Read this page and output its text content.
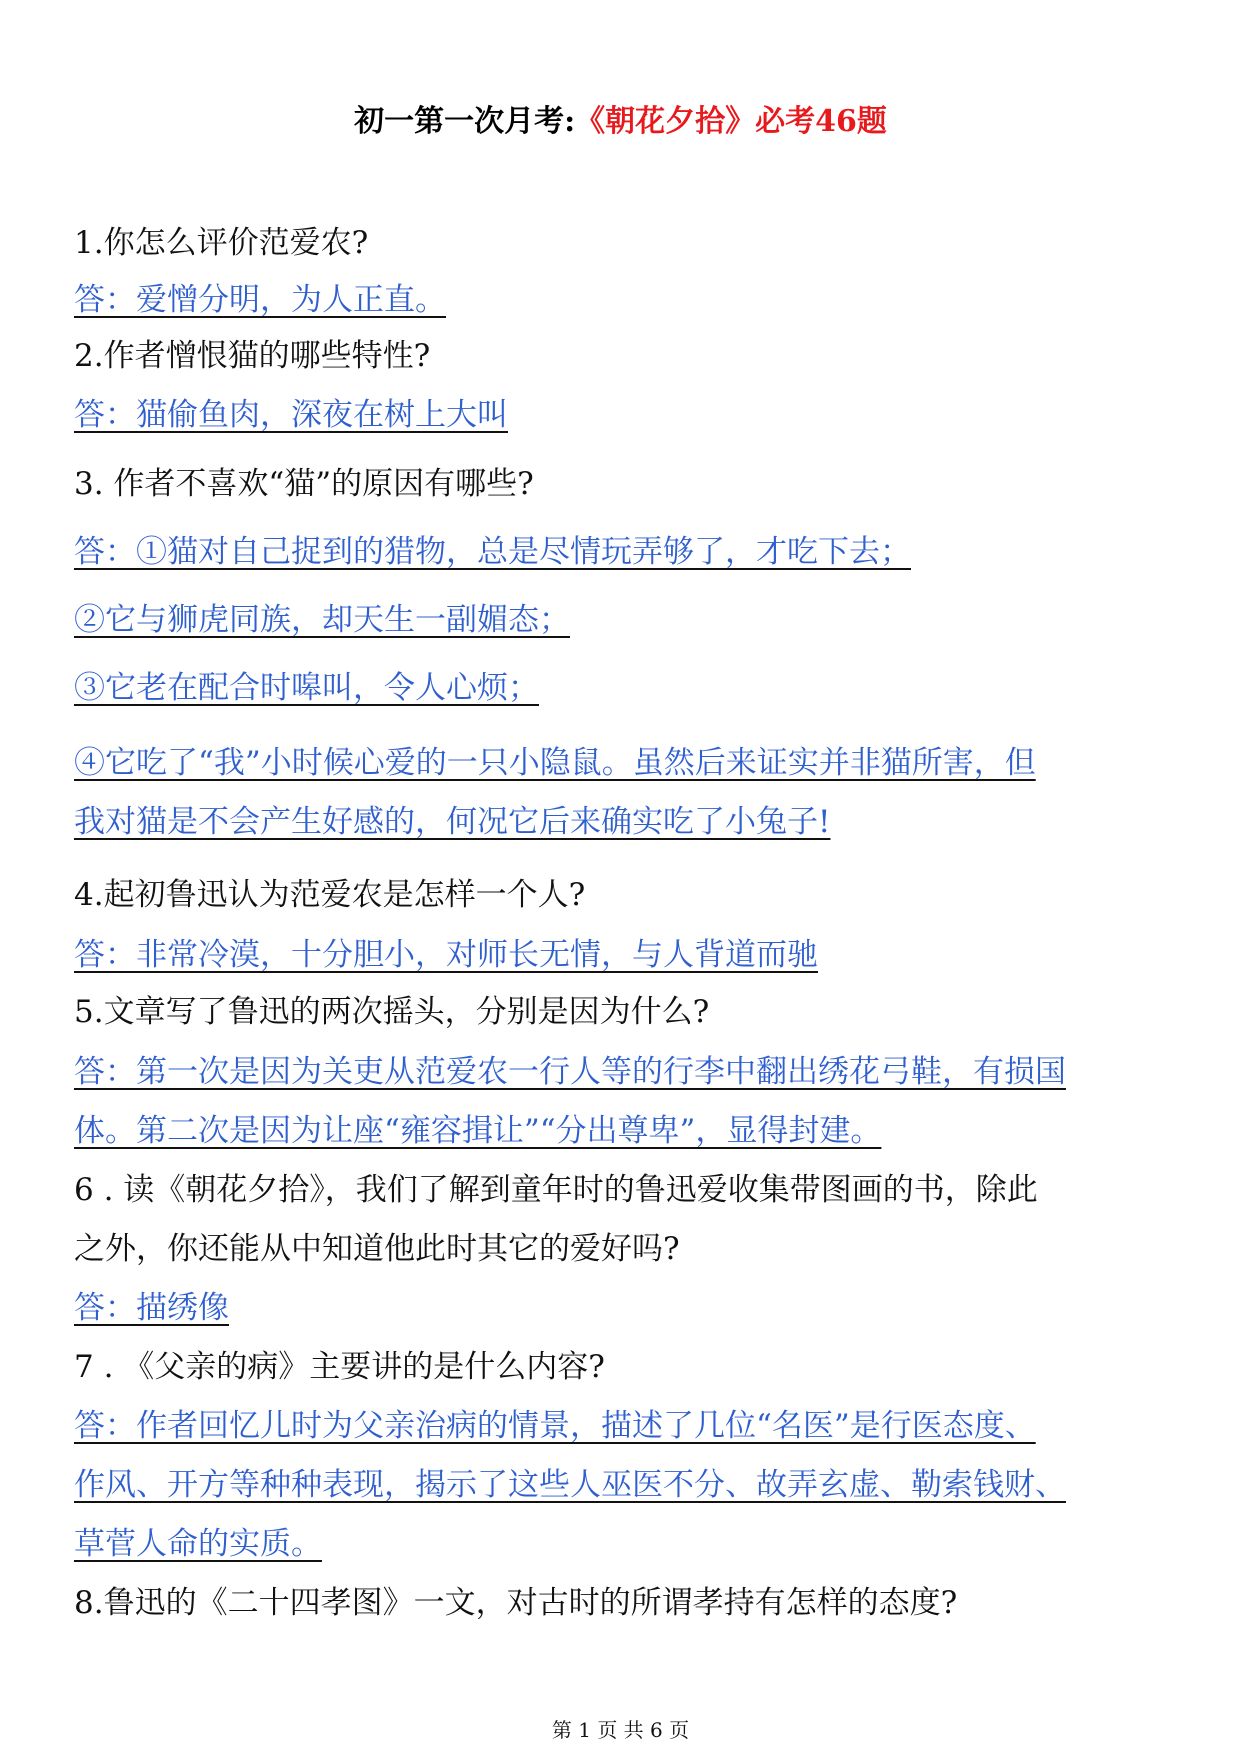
初一第一次月考:《朝花夕拾》必考46题
1.你怎么评价范爱农?
答：爱憎分明，为人正直。
2.作者憎恨猫的哪些特性?
答：猫偷鱼肉，深夜在树上大叫
3. 作者不喜欢“猫”的原因有哪些?
答：①猫对自己捉到的猎物，总是尽情玩弄够了，才吃下去；
②它与狮虎同族，却天生一副媚态；
③它老在配合时嗥叫，令人心烦；
④它吃了“我”小时候心爱的一只小隐鼠。虽然后来证实并非猫所害，但
我对猫是不会产生好感的，何况它后来确实吃了小兔子!
4.起初鲁迅认为范爱农是怎样一个人?
答：非常冷漠，十分胆小，对师长无情，与人背道而驰
5.文章写了鲁迅的两次摇头，分别是因为什么?
答：第一次是因为关吏从范爱农一行人等的行李中翻出绣花弓鞋，有损国
体。第二次是因为让座“雍容揖让”“分出尊卑”，显得封建。
6 . 读《朝花夕拾》，我们了解到童年时的鲁迅爱收集带图画的书，除此
之外，你还能从中知道他此时其它的爱好吗?
答：描绣像
7 . 《父亲的病》主要讲的是什么内容?
答：作者回忆儿时为父亲治病的情景，描述了几位“名医”是行医态度、
作风、开方等种种表现，揭示了这些人巫医不分、故弄玄虚、勒索钱财、
草菅人命的实质。
8.鲁迅的《二十四孝图》一文，对古时的所谓孝持有怎样的态度?
第 1 页 共 6 页
